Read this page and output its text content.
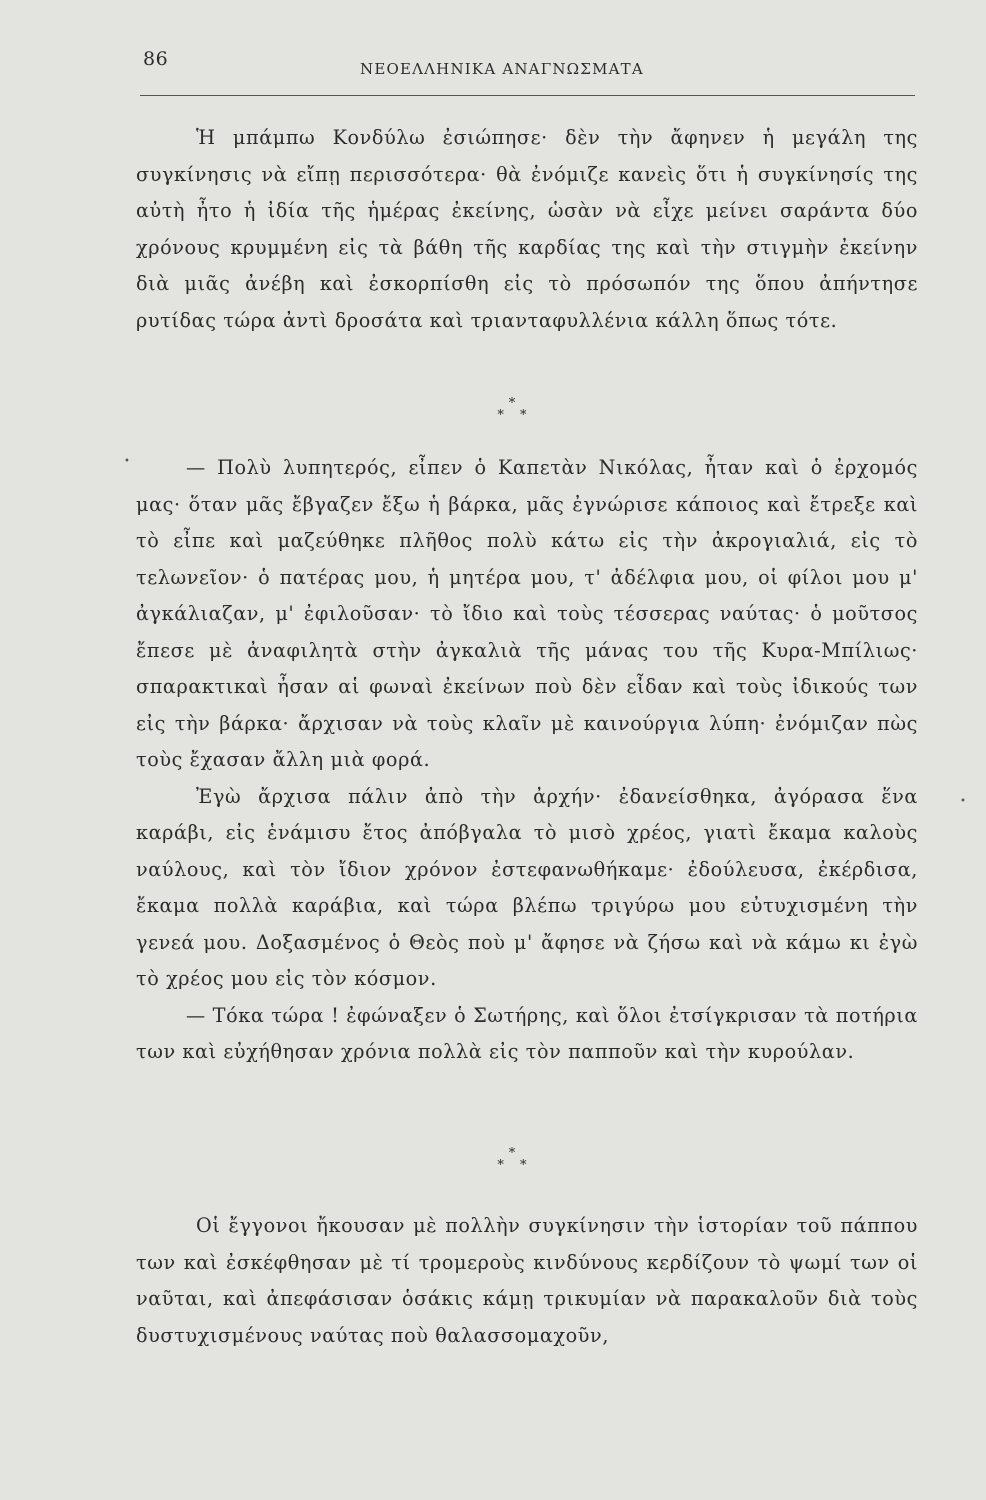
86	ΝΕΟΕΛΛΗΝΙΚΑ ΑΝΑΓΝΩΣΜΑΤΑ

Ἡ μπάμπω Κονδύλω ἐσιώπησε· δὲν τὴν ἄφηνεν ἡ μεγάλη της συγκίνησις νὰ εἴπῃ περισσότερα· θὰ ἐνόμιζε κανεὶς ὅτι ἡ συγκίνησίς της αὐτὴ ἦτο ἡ ἰδία τῆς ἡμέρας ἐκείνης, ὡσὰν νὰ εἶχε μείνει σαράντα δύο χρόνους κρυμμένη εἰς τὰ βάθη τῆς καρδίας της καὶ τὴν στιγμὴν ἐκείνην διὰ μιᾶς ἀνέβη καὶ ἐσκορπίσθη εἰς τὸ πρόσωπόν της ὅπου ἀπήντησε ρυτίδας τώρα ἀντὶ δροσάτα καὶ τριανταφυλλένια κάλλη ὅπως τότε.

*
* *
•	— Πολὺ λυπητερός, εἶπεν ὁ Καπετὰν Νικόλας, ἦταν καὶ ὁ ἐρχομός μας· ὅταν μᾶς ἔβγαζεν ἔξω ἡ βάρκα, μᾶς ἐγνώρισε κάποιος καὶ ἔτρεξε καὶ τὸ εἶπε καὶ μαζεύθηκε πλῆθος πολὺ κάτω εἰς τὴν ἀκρογιαλιά, εἰς τὸ τελωνεῖον· ὁ πατέρας μου, ἡ μητέρα μου, τ' ἀδέλφια μου, οἱ φίλοι μου μ' ἀγκάλιαζαν, μ' ἐφιλοῦσαν· τὸ ἴδιο καὶ τοὺς τέσσερας ναύτας· ὁ μοῦτσος ἔπεσε μὲ ἀναφιλητὰ στὴν ἀγκαλιὰ τῆς μάνας του τῆς Κυρα-Μπίλιως· σπαρακτικαὶ ἦσαν αἱ φωναὶ ἐκείνων ποὺ δὲν εἶδαν καὶ τοὺς ἰδικούς των εἰς τὴν βάρκα· ἄρχισαν νὰ τοὺς κλαῖν μὲ καινούργια λύπη· ἐνόμιζαν πὼς τοὺς ἔχασαν ἄλλη μιὰ φορά.

Ἐγὼ ἄρχισα πάλιν ἀπὸ τὴν ἀρχήν· ἐδανείσθηκα, ἀγόρασα ἕνα καράβι, εἰς ἑνάμισυ ἔτος ἀπόβγαλα τὸ μισὸ χρέος, γιατὶ ἔκαμα καλοὺς ναύλους, καὶ τὸν ἴδιον χρόνον ἐστεφανωθήκαμε· ἐδούλευσα, ἐκέρδισα, ἔκαμα πολλὰ καράβια, καὶ τώρα βλέπω τριγύρω μου εὐτυχισμένη τὴν γενεά μου. Δοξασμένος ὁ Θεὸς ποὺ μ' ἄφησε νὰ ζήσω καὶ νὰ κάμω κι ἐγὼ τὸ χρέος μου εἰς τὸν κόσμον.

— Τόκα τώρα ! ἐφώναξεν ὁ Σωτήρης, καὶ ὅλοι ἐτσίγκρισαν τὰ ποτήρια των καὶ εὐχήθησαν χρόνια πολλὰ εἰς τὸν παπποῦν καὶ τὴν κυρούλαν.

•
*
* *

Οἱ ἔγγονοι ἤκουσαν μὲ πολλὴν συγκίνησιν τὴν ἱστορίαν τοῦ πάππου των καὶ ἐσκέφθησαν μὲ τί τρομεροὺς κινδύνους κερδίζουν τὸ ψωμί των οἱ ναῦται, καὶ ἀπεφάσισαν ὁσάκις κάμῃ τρικυμίαν νὰ παρακαλοῦν διὰ τοὺς δυστυχισμένους ναύτας ποὺ θαλασσομαχοῦν,
